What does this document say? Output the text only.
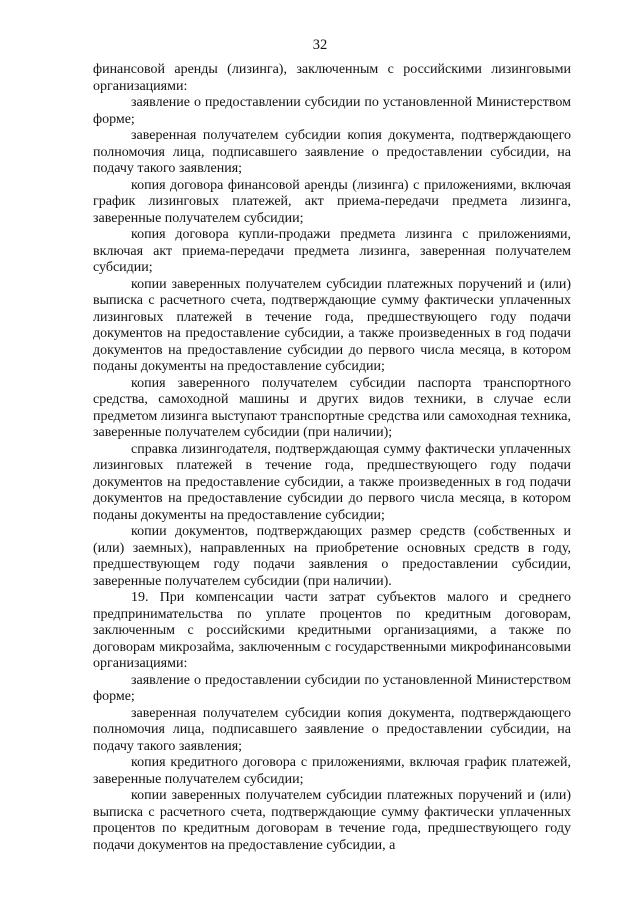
32

финансовой аренды (лизинга), заключенным с российскими лизинговыми организациями:

заявление о предоставлении субсидии по установленной Министерством форме;

заверенная получателем субсидии копия документа, подтверждающего полномочия лица, подписавшего заявление о предоставлении субсидии, на подачу такого заявления;

копия договора финансовой аренды (лизинга) с приложениями, включая график лизинговых платежей, акт приема-передачи предмета лизинга, заверенные получателем субсидии;

копия договора купли-продажи предмета лизинга с приложениями, включая акт приема-передачи предмета лизинга, заверенная получателем субсидии;

копии заверенных получателем субсидии платежных поручений и (или) выписка с расчетного счета, подтверждающие сумму фактически уплаченных лизинговых платежей в течение года, предшествующего году подачи документов на предоставление субсидии, а также произведенных в год подачи документов на предоставление субсидии до первого числа месяца, в котором поданы документы на предоставление субсидии;

копия заверенного получателем субсидии паспорта транспортного средства, самоходной машины и других видов техники, в случае если предметом лизинга выступают транспортные средства или самоходная техника, заверенные получателем субсидии (при наличии);

справка лизингодателя, подтверждающая сумму фактически уплаченных лизинговых платежей в течение года, предшествующего году подачи документов на предоставление субсидии, а также произведенных в год подачи документов на предоставление субсидии до первого числа месяца, в котором поданы документы на предоставление субсидии;

копии документов, подтверждающих размер средств (собственных и (или) заемных), направленных на приобретение основных средств в году, предшествующем году подачи заявления о предоставлении субсидии, заверенные получателем субсидии (при наличии).

19. При компенсации части затрат субъектов малого и среднего предпринимательства по уплате процентов по кредитным договорам, заключенным с российскими кредитными организациями, а также по договорам микрозайма, заключенным с государственными микрофинансовыми организациями:

заявление о предоставлении субсидии по установленной Министерством форме;

заверенная получателем субсидии копия документа, подтверждающего полномочия лица, подписавшего заявление о предоставлении субсидии, на подачу такого заявления;

копия кредитного договора с приложениями, включая график платежей, заверенные получателем субсидии;

копии заверенных получателем субсидии платежных поручений и (или) выписка с расчетного счета, подтверждающие сумму фактически уплаченных процентов по кредитным договорам в течение года, предшествующего году подачи документов на предоставление субсидии, а
